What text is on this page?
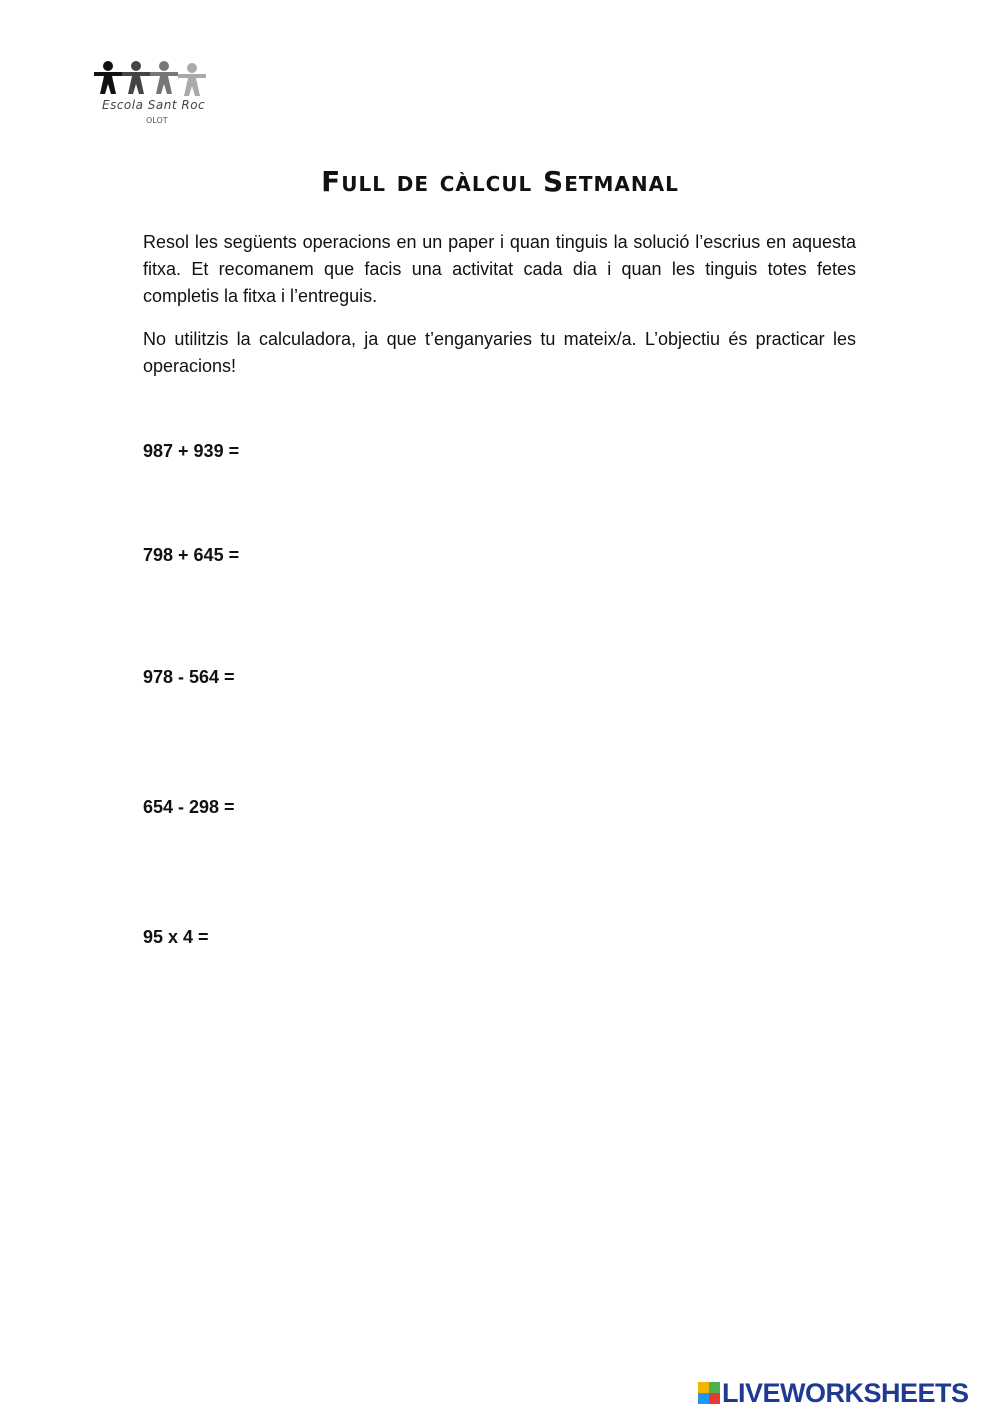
Escola Sant Roc
OLOT
Full de càlcul Setmanal

Resol les següents operacions en un paper i quan tinguis la solució l’escrius en aquesta fitxa. Et recomanem que facis una activitat cada dia i quan les tinguis totes fetes completis la fitxa i l’entreguis.

No utilitzis la calculadora, ja que t’enganyaries tu mateix/a. L’objectiu és practicar les operacions!

987 + 939 =

798 + 645 =

978 - 564 =

654 - 298 =

95 x 4 =

LIVEWORKSHEETS
